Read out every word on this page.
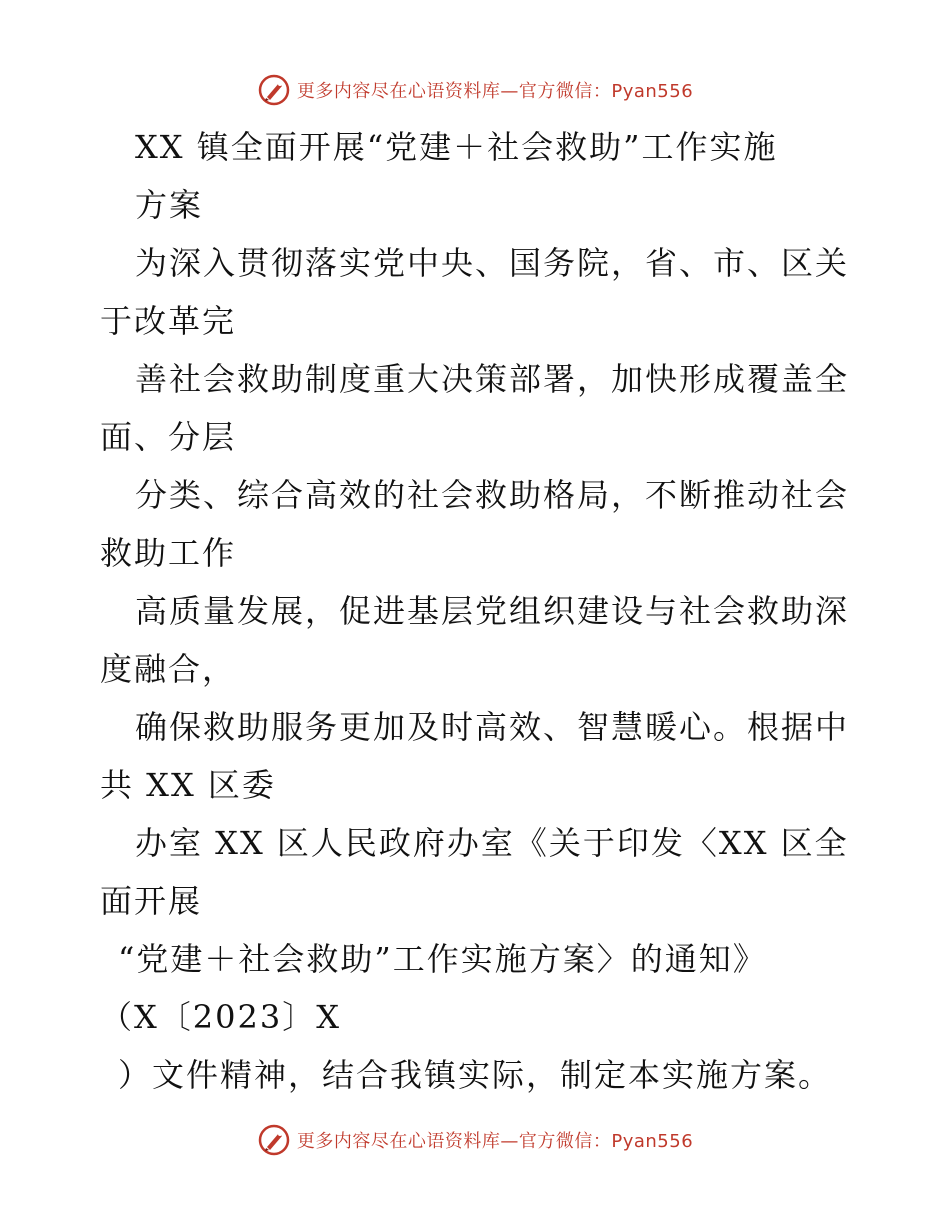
更多内容尽在心语资料库—官方微信：Pyan556
XX 镇全面开展“党建＋社会救助”工作实施
方案
为深入贯彻落实党中央、国务院，省、市、区关
于改革完
善社会救助制度重大决策部署，加快形成覆盖全
面、分层
分类、综合高效的社会救助格局，不断推动社会
救助工作
高质量发展，促进基层党组织建设与社会救助深
度融合，
确保救助服务更加及时高效、智慧暖心。根据中
共 XX 区委
办室 XX 区人民政府办室《关于印发〈XX 区全
面开展
“党建＋社会救助”工作实施方案〉的通知》
（X〔2023〕X
）文件精神，结合我镇实际，制定本实施方案。
更多内容尽在心语资料库—官方微信：Pyan556
